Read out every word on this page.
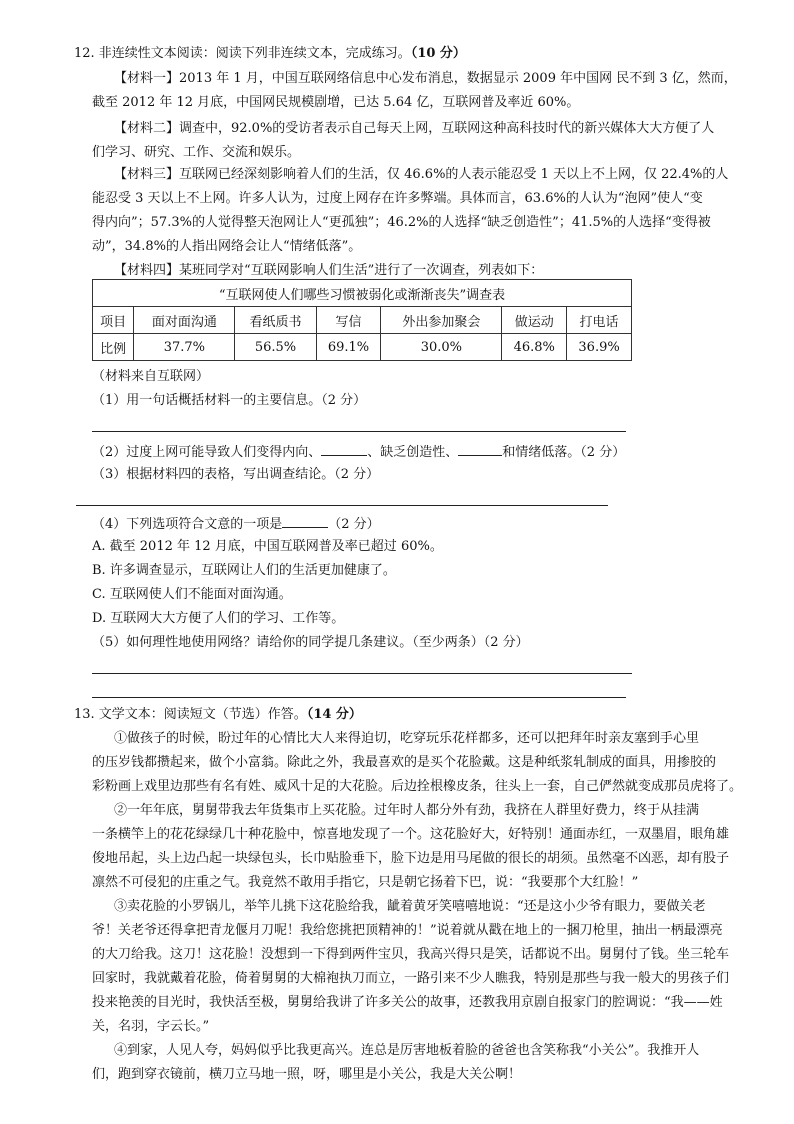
12. 非连续性文本阅读：阅读下列非连续文本，完成练习。（10 分）
【材料一】2013 年 1 月，中国互联网络信息中心发布消息，数据显示 2009 年中国网 民不到 3 亿，然而，
截至 2012 年 12 月底，中国网民规模剧增，已达 5.64 亿，互联网普及率近 60%。
【材料二】调查中，92.0%的受访者表示自己每天上网，互联网这种高科技时代的新兴媒体大大方便了人
们学习、研究、工作、交流和娱乐。
【材料三】互联网已经深刻影响着人们的生活，仅 46.6%的人表示能忍受 1 天以上不上网，仅 22.4%的人
能忍受 3 天以上不上网。许多人认为，过度上网存在许多弊端。具体而言，63.6%的人认为“泡网”使人“变
得内向”；57.3%的人觉得整天泡网让人“更孤独”；46.2%的人选择“缺乏创造性”；41.5%的人选择“变得被
动”，34.8%的人指出网络会让人“情绪低落”。
【材料四】某班同学对“互联网影响人们生活”进行了一次调查，列表如下：
“互联网使人们哪些习惯被弱化或渐渐丧失”调查表						
项目	面对面沟通	看纸质书	写信	外出参加聚会	做运动	打电话
比例	37.7%	56.5%	69.1%	30.0%	46.8%	36.9%
（材料来自互联网）
（1）用一句话概括材料一的主要信息。（2 分）
（2）过度上网可能导致人们变得内向、	、缺乏创造性、	和情绪低落。（2 分）
（3）根据材料四的表格，写出调查结论。（2 分）
（4）下列选项符合文意的一项是	（2 分）
A. 截至 2012 年 12 月底，中国互联网普及率已超过 60%。
B. 许多调查显示，互联网让人们的生活更加健康了。
C. 互联网使人们不能面对面沟通。
D. 互联网大大方便了人们的学习、工作等。
（5）如何理性地使用网络？请给你的同学提几条建议。（至少两条）（2 分）
13. 文学文本：阅读短文（节选）作答。（14 分）
①做孩子的时候，盼过年的心情比大人来得迫切，吃穿玩乐花样都多，还可以把拜年时亲友塞到手心里
的压岁钱都攒起来，做个小富翁。除此之外，我最喜欢的是买个花脸戴。这是种纸浆轧制成的面具，用掺胶的
彩粉画上戏里边那些有名有姓、威风十足的大花脸。后边拴根橡皮条，往头上一套，自己俨然就变成那员虎将了。
②一年年底，舅舅带我去年货集市上买花脸。过年时人都分外有劲，我挤在人群里好费力，终于从挂满
一条横竿上的花花绿绿几十种花脸中，惊喜地发现了一个。这花脸好大，好特别！通面赤红，一双墨眉，眼角雄
俊地吊起，头上边凸起一块绿包头，长巾贴脸垂下，脸下边是用马尾做的很长的胡须。虽然毫不凶恶，却有股子
凛然不可侵犯的庄重之气。我竟然不敢用手指它，只是朝它扬着下巴，说：“我要那个大红脸！”
③卖花脸的小罗锅儿，举竿儿挑下这花脸给我，龇着黄牙笑嘻嘻地说：“还是这小少爷有眼力，要做关老
爷！关老爷还得拿把青龙偃月刀呢！我给您挑把顶精神的！”说着就从戳在地上的一捆刀枪里，抽出一柄最漂亮
的大刀给我。这刀！这花脸！没想到一下得到两件宝贝，我高兴得只是笑，话都说不出。舅舅付了钱。坐三轮车
回家时，我就戴着花脸，倚着舅舅的大棉袍执刀而立，一路引来不少人瞧我，特别是那些与我一般大的男孩子们
投来艳羡的目光时，我快活至极，舅舅给我讲了许多关公的故事，还教我用京剧自报家门的腔调说：“我——姓
关，名羽，字云长。”
④到家，人见人夸，妈妈似乎比我更高兴。连总是厉害地板着脸的爸爸也含笑称我“小关公”。我推开人
们，跑到穿衣镜前，横刀立马地一照，呀，哪里是小关公，我是大关公啊！
